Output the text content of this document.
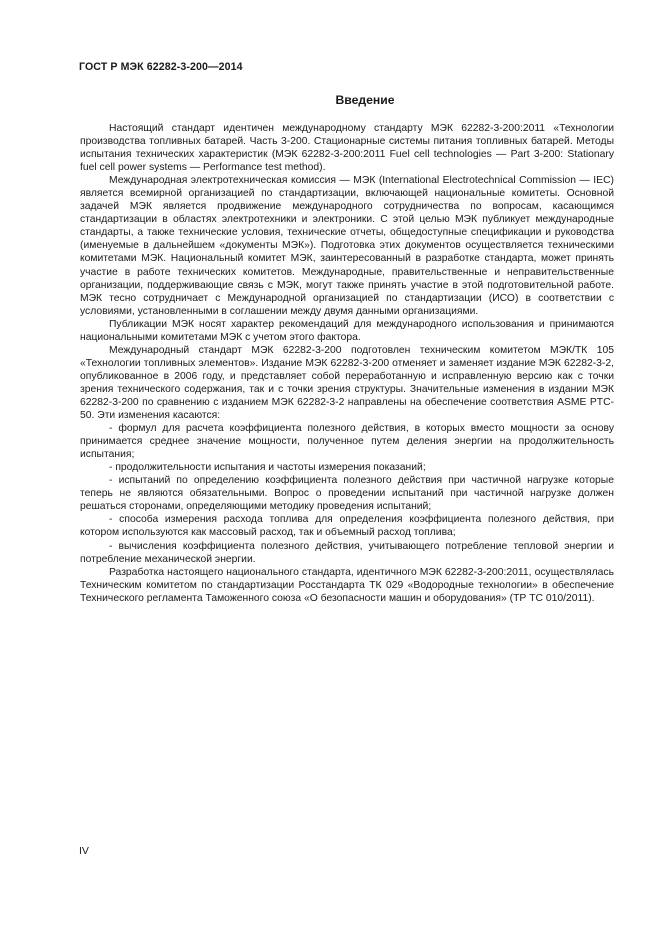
ГОСТ Р МЭК 62282-3-200—2014
Введение

Настоящий стандарт идентичен международному стандарту МЭК 62282-3-200:2011 «Технологии производства топливных батарей. Часть 3-200. Стационарные системы питания топливных батарей. Методы испытания технических характеристик (МЭК 62282-3-200:2011 Fuel cell technologies — Part 3-200: Stationary fuel cell power systems — Performance test method).

Международная электротехническая комиссия — МЭК (International Electrotechnical Commission — IEC) является всемирной организацией по стандартизации, включающей национальные комитеты. Основной задачей МЭК является продвижение международного сотрудничества по вопросам, касающимся стандартизации в областях электротехники и электроники. С этой целью МЭК публикует международные стандарты, а также технические условия, технические отчеты, общедоступные спецификации и руководства (именуемые в дальнейшем «документы МЭК»). Подготовка этих документов осуществляется техническими комитетами МЭК. Национальный комитет МЭК, заинтересованный в разработке стандарта, может принять участие в работе технических комитетов. Международные, правительственные и неправительственные организации, поддерживающие связь с МЭК, могут также принять участие в этой подготовительной работе. МЭК тесно сотрудничает с Международной организацией по стандартизации (ИСО) в соответствии с условиями, установленными в соглашении между двумя данными организациями.

Публикации МЭК носят характер рекомендаций для международного использования и принимаются национальными комитетами МЭК с учетом этого фактора.

Международный стандарт МЭК 62282-3-200 подготовлен техническим комитетом МЭК/ТК 105 «Технологии топливных элементов». Издание МЭК 62282-3-200 отменяет и заменяет издание МЭК 62282-3-2, опубликованное в 2006 году, и представляет собой переработанную и исправленную версию как с точки зрения технического содержания, так и с точки зрения структуры. Значительные изменения в издании МЭК 62282-3-200 по сравнению с изданием МЭК 62282-3-2 направлены на обеспечение соответствия ASME PTC-50. Эти изменения касаются:

- формул для расчета коэффициента полезного действия, в которых вместо мощности за основу принимается среднее значение мощности, полученное путем деления энергии на продолжительность испытания;

- продолжительности испытания и частоты измерения показаний;

- испытаний по определению коэффициента полезного действия при частичной нагрузке которые теперь не являются обязательными. Вопрос о проведении испытаний при частичной нагрузке должен решаться сторонами, определяющими методику проведения испытаний;

- способа измерения расхода топлива для определения коэффициента полезного действия, при котором используются как массовый расход, так и объемный расход топлива;

- вычисления коэффициента полезного действия, учитывающего потребление тепловой энергии и потребление механической энергии.

Разработка настоящего национального стандарта, идентичного МЭК 62282-3-200:2011, осуществлялась Техническим комитетом по стандартизации Росстандарта ТК 029 «Водородные технологии» в обеспечение Технического регламента Таможенного союза «О безопасности машин и оборудования» (ТР ТС 010/2011).

IV
